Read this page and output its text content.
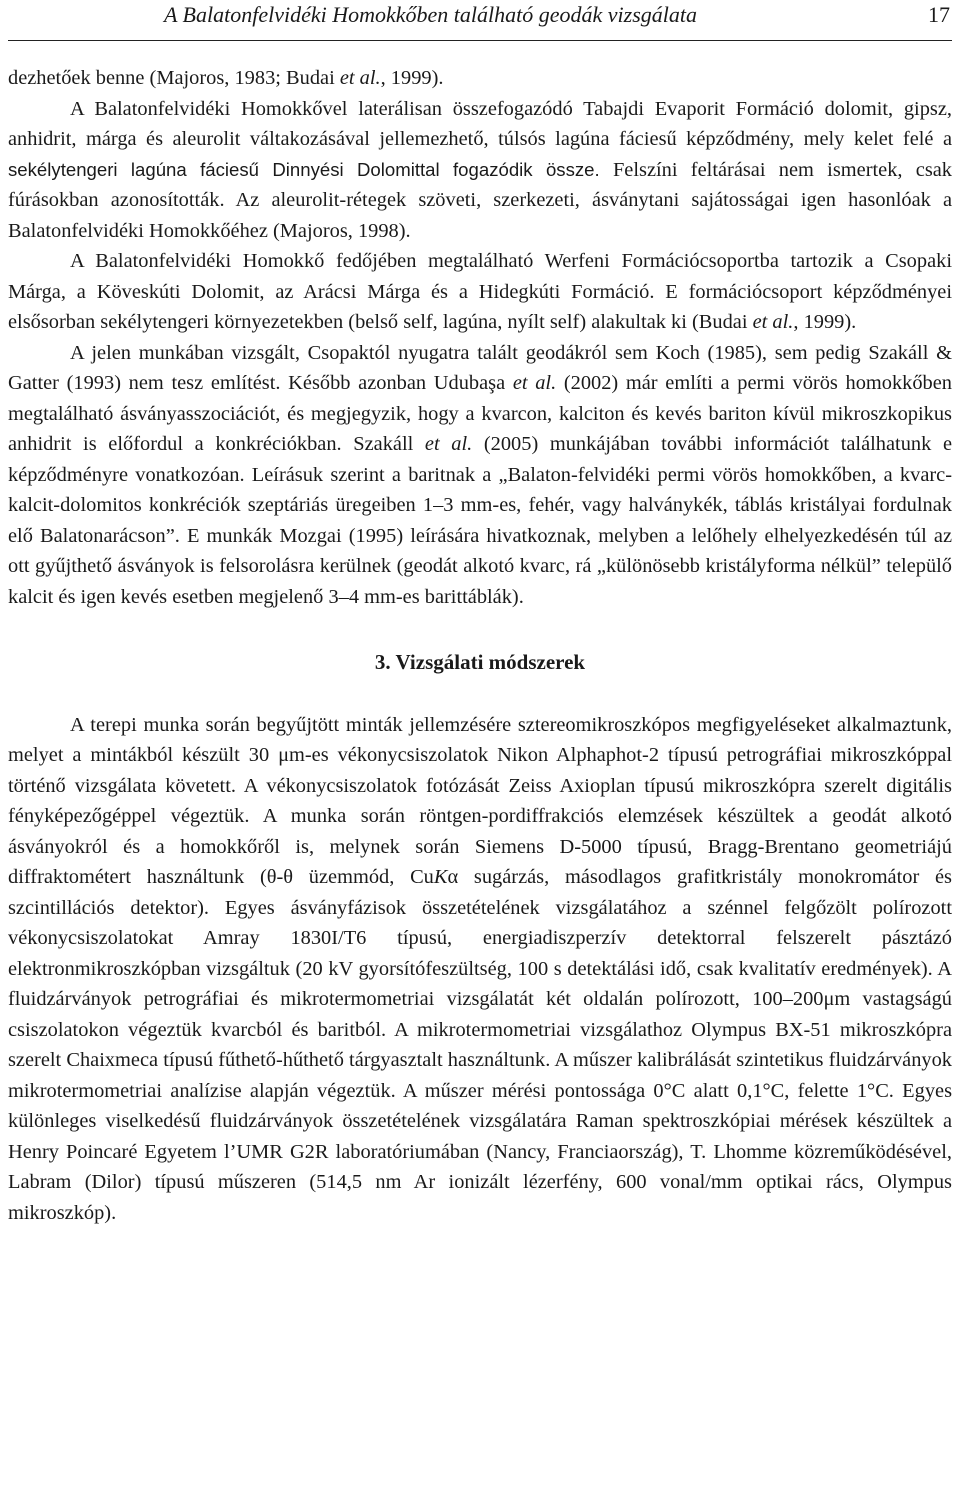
A Balatonfelvidéki Homokkőben található geodák vizsgálata	17

dezhetőek benne (Majoros, 1983; Budai et al., 1999).

A Balatonfelvidéki Homokkővel laterálisan összefogazódó Tabajdi Evaporit Formáció dolomit, gipsz, anhidrit, márga és aleurolit váltakozásával jellemezhető, túlsós lagúna fáciesű képződmény, mely kelet felé a sekélytengeri lagúna fáciesű Dinnyési Dolomittal fogazódik össze. Felszíni feltárásai nem ismertek, csak fúrásokban azonosították. Az aleurolit-rétegek szöveti, szerkezeti, ásványtani sajátosságai igen hasonlóak a Balatonfelvidéki Homokkőéhez (Majoros, 1998).

A Balatonfelvidéki Homokkő fedőjében megtalálható Werfeni Formációcsoportba tartozik a Csopaki Márga, a Köveskúti Dolomit, az Arácsi Márga és a Hidegkúti Formáció. E formációcsoport képződményei elsősorban sekélytengeri környezetekben (belső self, lagúna, nyílt self) alakultak ki (Budai et al., 1999).

A jelen munkában vizsgált, Csopaktól nyugatra talált geodákról sem Koch (1985), sem pedig Szakáll & Gatter (1993) nem tesz említést. Később azonban Udubaşa et al. (2002) már említi a permi vörös homokkőben megtalálható ásványasszociációt, és megjegyzik, hogy a kvarcon, kalciton és kevés bariton kívül mikroszkopikus anhidrit is előfordul a konkréciókban. Szakáll et al. (2005) munkájában további információt találhatunk e képződményre vonatkozóan. Leírásuk szerint a baritnak a „Balaton-felvidéki permi vörös homokkőben, a kvarc-kalcit-dolomitos konkréciók szeptáriás üregeiben 1–3 mm-es, fehér, vagy halványkék, táblás kristályai fordulnak elő Balatonarácson”. E munkák Mozgai (1995) leírására hivatkoznak, melyben a lelőhely elhelyezkedésén túl az ott gyűjthető ásványok is felsorolásra kerülnek (geodát alkotó kvarc, rá „különösebb kristályforma nélkül” települő kalcit és igen kevés esetben megjelenő 3–4 mm-es barittáblák).

3. Vizsgálati módszerek

A terepi munka során begyűjtött minták jellemzésére sztereomikroszkópos megfigyeléseket alkalmaztunk, melyet a mintákból készült 30 μm-es vékonycsiszolatok Nikon Alphaphot-2 típusú petrográfiai mikroszkóppal történő vizsgálata követett. A vékonycsiszolatok fotózását Zeiss Axioplan típusú mikroszkópra szerelt digitális fényképezőgéppel végeztük. A munka során röntgen-pordiffrakciós elemzések készültek a geodát alkotó ásványokról és a homokkőről is, melynek során Siemens D-5000 típusú, Bragg-Brentano geometriájú diffraktométert használtunk (θ-θ üzemmód, CuKα sugárzás, másodlagos grafitkristály monokromátor és szcintillációs detektor). Egyes ásványfázisok összetételének vizsgálatához a szénnel felgőzölt polírozott vékonycsiszolatokat Amray 1830I/T6 típusú, energiadiszperzív detektorral felszerelt pásztázó elektronmikroszkópban vizsgáltuk (20 kV gyorsítófeszültség, 100 s detektálási idő, csak kvalitatív eredmények). A fluidzárványok petrográfiai és mikrotermometriai vizsgálatát két oldalán polírozott, 100–200μm vastagságú csiszolatokon végeztük kvarcból és baritból. A mikrotermometriai vizsgálathoz Olympus BX-51 mikroszkópra szerelt Chaixmeca típusú fűthető-hűthető tárgyasztalt használtunk. A műszer kalibrálását szintetikus fluidzárványok mikrotermometriai analízise alapján végeztük. A műszer mérési pontossága 0°C alatt 0,1°C, felette 1°C. Egyes különleges viselkedésű fluidzárványok összetételének vizsgálatára Raman spektroszkópiai mérések készültek a Henry Poincaré Egyetem l’UMR G2R laboratóriumában (Nancy, Franciaország), T. Lhomme közreműködésével, Labram (Dilor) típusú műszeren (514,5 nm Ar ionizált lézerfény, 600 vonal/mm optikai rács, Olympus mikroszkóp).
